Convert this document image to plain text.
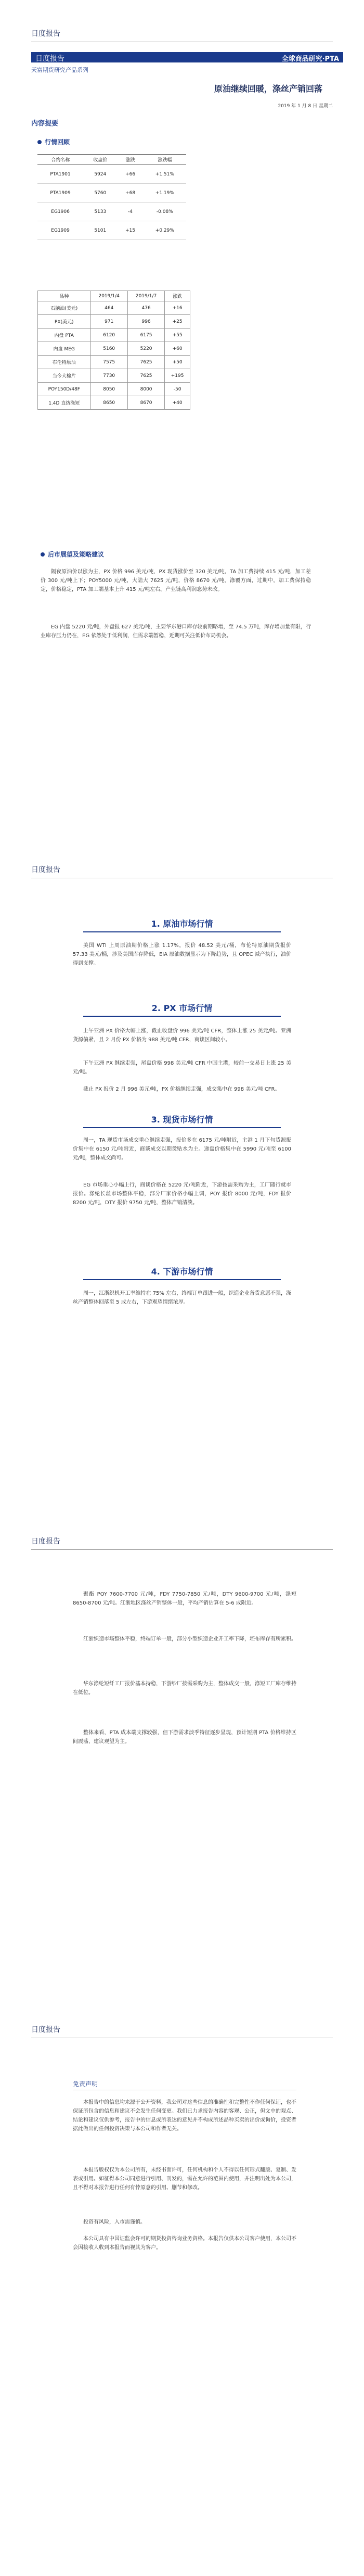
日度报告
日度报告	全球商品研究·PTA
天富期货研究产品系列
原油继续回暖，涤丝产销回落
2019 年 1 月 8 日 星期二
内容提要
行情回顾
合约名称	收盘价	涨跌	涨跌幅
PTA1901	5924	+66	+1.51%
PTA1909	5760	+68	+1.19%
EG1906	5133	-4	-0.08%
EG1909	5101	+15	+0.29%
品种	2019/1/4	2019/1/7	涨跌
石脑油(美元)	464	476	+16
PX(美元)	971	996	+25
内盘 PTA	6120	6175	+55
内盘 MEG	5160	5220	+60
布伦特原油	7575	7625	+50
当今大棉片	7730	7625	+195
POY150D/48F	8050	8000	-50
1.4D 直纺涤短	8650	8670	+40
后市展望及策略建议
隔夜原油价以涨为主，PX 价格 996 美元/吨，PX 现货涨价至 320 美元/吨，TA 加工费持续 415 元/吨，加工差价 300 元/吨上下；POY5000 元/吨，大陆大 7625 元/吨，价格 8670 元/吨，涤覆方面，过期中，加工费保持稳定，价格稳定，PTA 加工端基本上升 415 元/吨左右。产业链高利润态势未改。
EG 内盘 5220 元/吨，外盘报 627 美元/吨，主要华东港口库存较前期略增，至 74.5 万吨，库存增加量有限，行业库存压力仍在，EG 依然处于低利润，但需求端暂稳，近期可关注低价布局机会。
日度报告
1. 原油市场行情
美国 WTI 上周原油期价格上涨 1.17%，报价 48.52 美元/桶，布伦特原油期货报价 57.33 美元/桶，涉及美国库存降低，EIA 原油数据显示为下降趋势，且 OPEC 减产执行，油价得到支撑。
2. PX 市场行情
上午亚洲 PX 价格大幅上涨，截止收盘价 996 美元/吨 CFR，整体上涨 25 美元/吨。亚洲货源偏紧，且 2 月份 PX 价格为 988 美元/吨 CFR，商谈区间较小。
下午亚洲 PX 继续走强，尾盘价格 998 美元/吨 CFR 中国主港，较前一交易日上涨 25 美元/吨。
截止 PX 报价 2 月 996 美元/吨，PX 价格继续走强，成交集中在 998 美元/吨 CFR。
3. 现货市场行情
周一，TA 现货市场成交重心继续走强，报价多在 6175 元/吨附近，主港 1 月下旬货源报价集中在 6150 元/吨附近，商谈成交以期货贴水为主。递盘价格集中在 5990 元/吨至 6100 元/吨，整体成交尚可。
EG 市场重心小幅上行，商谈价格在 5220 元/吨附近，下游按需采购为主，工厂随行就市报价。涤纶长丝市场整体平稳，部分厂家价格小幅上调，POY 报价 8000 元/吨，FDY 报价 8200 元/吨，DTY 报价 9750 元/吨，整体产销清淡。
4. 下游市场行情
周一，江浙织机开工率维持在 75% 左右，终端订单跟进一般，织造企业备货意愿不强，涤丝产销整体回落至 5 成左右，下游观望情绪浓厚。
日度报告
聚酯 POY 7600-7700 元/吨，FDY 7750-7850 元/吨，DTY 9600-9700 元/吨，涤短 8650-8700 元/吨。江浙地区涤丝产销整体一般，平均产销估算在 5-6 成附近。
江浙织造市场整体平稳，终端订单一般，部分小型织造企业开工率下降，坯布库存有所累积。
华东涤纶短纤工厂报价基本持稳，下游纱厂按需采购为主，整体成交一般，涤短工厂库存维持在低位。
整体来看，PTA 成本端支撑较强，但下游需求淡季特征逐步显现，预计短期 PTA 价格维持区间震荡，建议观望为主。
日度报告
免责声明
本报告中的信息均来源于公开资料，我公司对这些信息的准确性和完整性不作任何保证，也不保证所包含的信息和建议不会发生任何变更。我们已力求报告内容的客观、公正，但文中的观点、结论和建议仅供参考，报告中的信息或所表达的意见并不构成所述品种买卖的出价或询价，投资者据此做出的任何投资决策与本公司和作者无关。
本报告版权仅为本公司所有，未经书面许可，任何机构和个人不得以任何形式翻版、复制、发表或引用。如征得本公司同意进行引用、刊发的，需在允许的范围内使用，并注明出处为本公司，且不得对本报告进行任何有悖原意的引用、删节和修改。
投资有风险，入市需谨慎。
本公司具有中国证监会许可的期货投资咨询业务资格。本报告仅供本公司客户使用，本公司不会因接收人收到本报告而视其为客户。
